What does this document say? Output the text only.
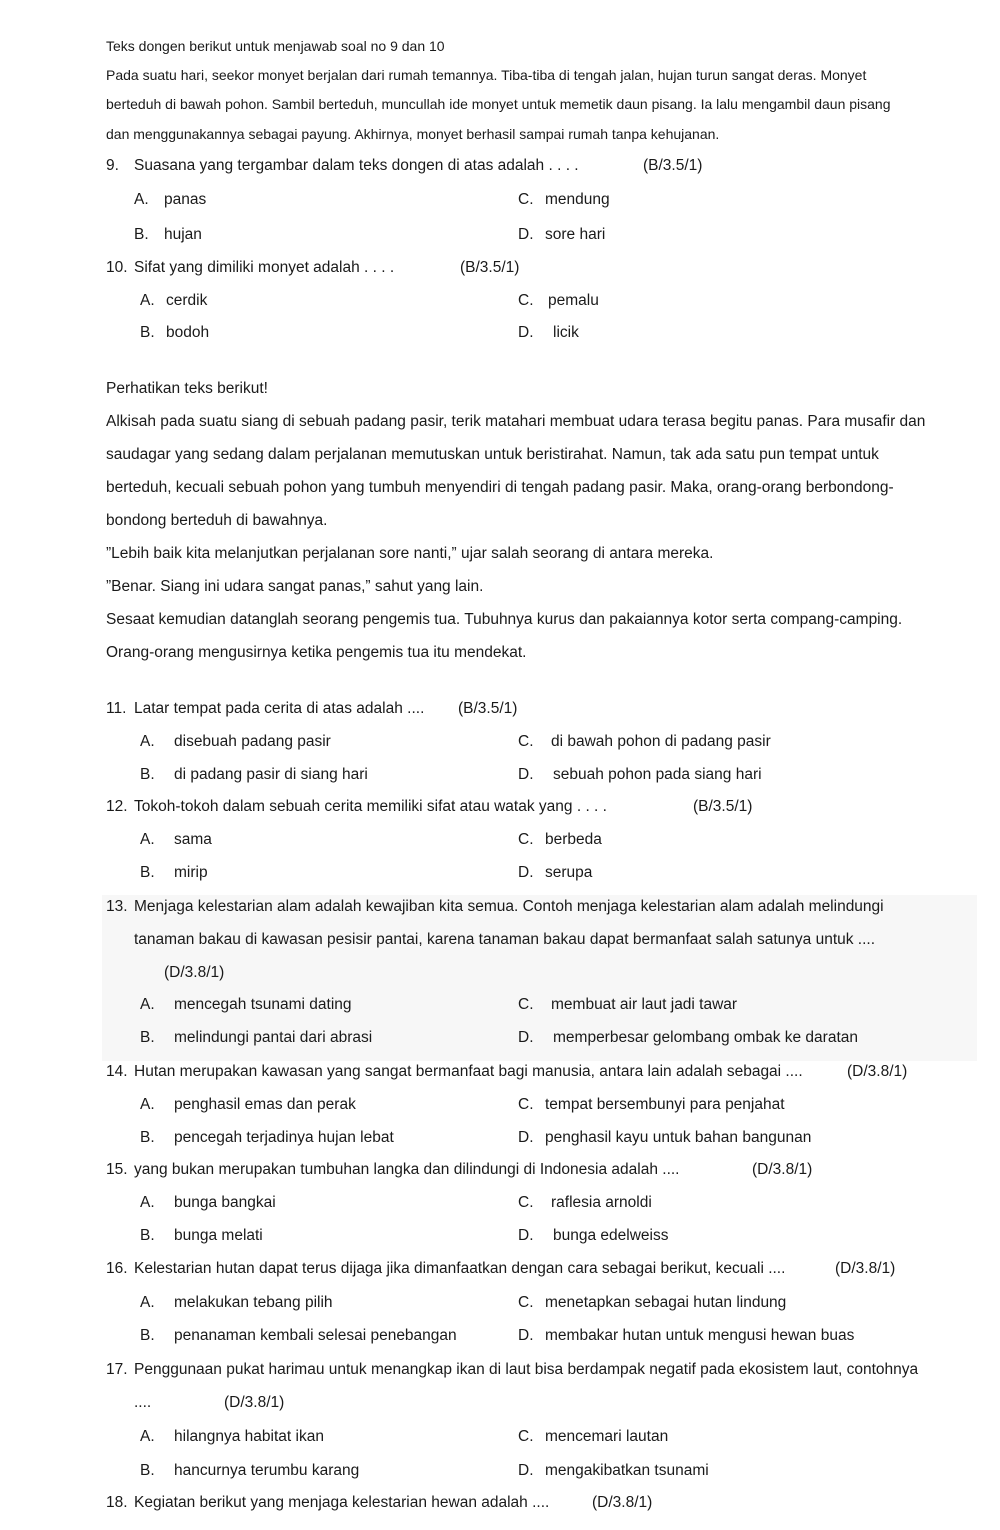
Teks dongen berikut untuk menjawab soal no 9 dan 10
Pada suatu hari, seekor monyet berjalan dari rumah temannya. Tiba-tiba di tengah jalan, hujan turun sangat deras. Monyet
berteduh di bawah pohon. Sambil berteduh, muncullah ide monyet untuk memetik daun pisang. Ia lalu mengambil daun pisang
dan menggunakannya sebagai payung. Akhirnya, monyet berhasil sampai rumah tanpa kehujanan.
9. Suasana yang tergambar dalam teks dongen di atas adalah . . . .	(B/3.5/1)
A. panas	C. mendung
B. hujan	D. sore hari
10. Sifat yang dimiliki monyet adalah . . . .	(B/3.5/1)
A. cerdik	C. pemalu
B. bodoh	D. licik
Perhatikan teks berikut!
Alkisah pada suatu siang di sebuah padang pasir, terik matahari membuat udara terasa begitu panas. Para musafir dan
saudagar yang sedang dalam perjalanan memutuskan untuk beristirahat. Namun, tak ada satu pun tempat untuk
berteduh, kecuali sebuah pohon yang tumbuh menyendiri di tengah padang pasir. Maka, orang-orang berbondong-
bondong berteduh di bawahnya.
”Lebih baik kita melanjutkan perjalanan sore nanti,” ujar salah seorang di antara mereka.
”Benar. Siang ini udara sangat panas,” sahut yang lain.
Sesaat kemudian datanglah seorang pengemis tua. Tubuhnya kurus dan pakaiannya kotor serta compang-camping.
Orang-orang mengusirnya ketika pengemis tua itu mendekat.
11. Latar tempat pada cerita di atas adalah .... (B/3.5/1)
A. disebuah padang pasir	C. di bawah pohon di padang pasir
B. di padang pasir di siang hari	D. sebuah pohon pada siang hari
12. Tokoh-tokoh dalam sebuah cerita memiliki sifat atau watak yang . . . .	(B/3.5/1)
A. sama	C. berbeda
B. mirip	D. serupa
13. Menjaga kelestarian alam adalah kewajiban kita semua. Contoh menjaga kelestarian alam adalah melindungi
tanaman bakau di kawasan pesisir pantai, karena tanaman bakau dapat bermanfaat salah satunya untuk ....
(D/3.8/1)
A. mencegah tsunami dating	C. membuat air laut jadi tawar
B. melindungi pantai dari abrasi	D. memperbesar gelombang ombak ke daratan
14. Hutan merupakan kawasan yang sangat bermanfaat bagi manusia, antara lain adalah sebagai ....	(D/3.8/1)
A. penghasil emas dan perak	C. tempat bersembunyi para penjahat
B. pencegah terjadinya hujan lebat	D. penghasil kayu untuk bahan bangunan
15. yang bukan merupakan tumbuhan langka dan dilindungi di Indonesia adalah ....	(D/3.8/1)
A. bunga bangkai	C. raflesia arnoldi
B. bunga melati	D. bunga edelweiss
16. Kelestarian hutan dapat terus dijaga jika dimanfaatkan dengan cara sebagai berikut, kecuali ....	(D/3.8/1)
A. melakukan tebang pilih	C. menetapkan sebagai hutan lindung
B. penanaman kembali selesai penebangan	D. membakar hutan untuk mengusi hewan buas
17. Penggunaan pukat harimau untuk menangkap ikan di laut bisa berdampak negatif pada ekosistem laut, contohnya
....	(D/3.8/1)
A. hilangnya habitat ikan	C. mencemari lautan
B. hancurnya terumbu karang	D. mengakibatkan tsunami
18. Kegiatan berikut yang menjaga kelestarian hewan adalah ....	(D/3.8/1)
